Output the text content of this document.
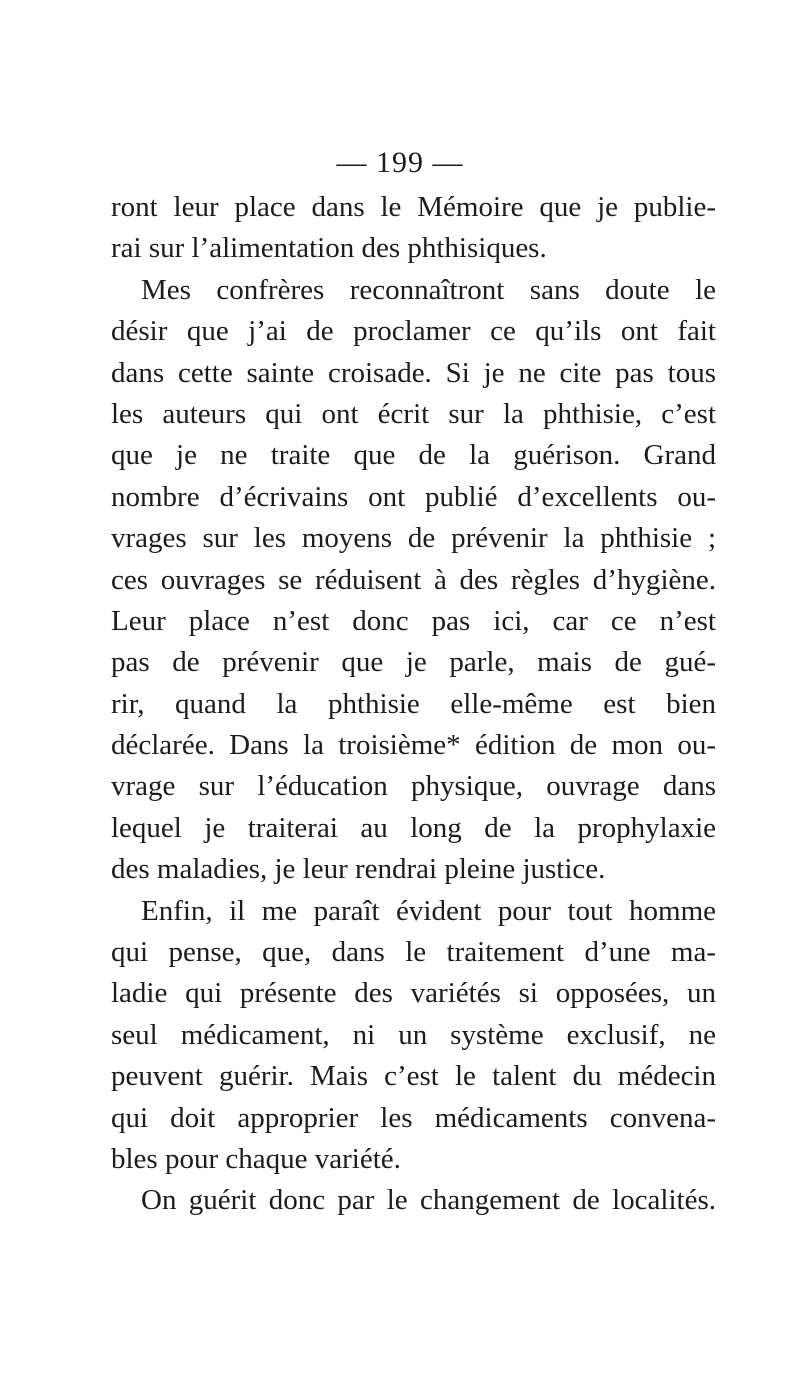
— 199 —
ront leur place dans le Mémoire que je publie-
rai sur l’alimentation des phthisiques.
Mes confrères reconnaîtront sans doute le
désir que j’ai de proclamer ce qu’ils ont fait
dans cette sainte croisade. Si je ne cite pas tous
les auteurs qui ont écrit sur la phthisie, c’est
que je ne traite que de la guérison. Grand
nombre d’écrivains ont publié d’excellents ou-
vrages sur les moyens de prévenir la phthisie ;
ces ouvrages se réduisent à des règles d’hygiène.
Leur place n’est donc pas ici, car ce n’est
pas de prévenir que je parle, mais de gué-
rir, quand la phthisie elle-même est bien
déclarée. Dans la troisième* édition de mon ou-
vrage sur l’éducation physique, ouvrage dans
lequel je traiterai au long de la prophylaxie
des maladies, je leur rendrai pleine justice.
Enfin, il me paraît évident pour tout homme
qui pense, que, dans le traitement d’une ma-
ladie qui présente des variétés si opposées, un
seul médicament, ni un système exclusif, ne
peuvent guérir. Mais c’est le talent du médecin
qui doit approprier les médicaments convena-
bles pour chaque variété.
On guérit donc par le changement de localités.
